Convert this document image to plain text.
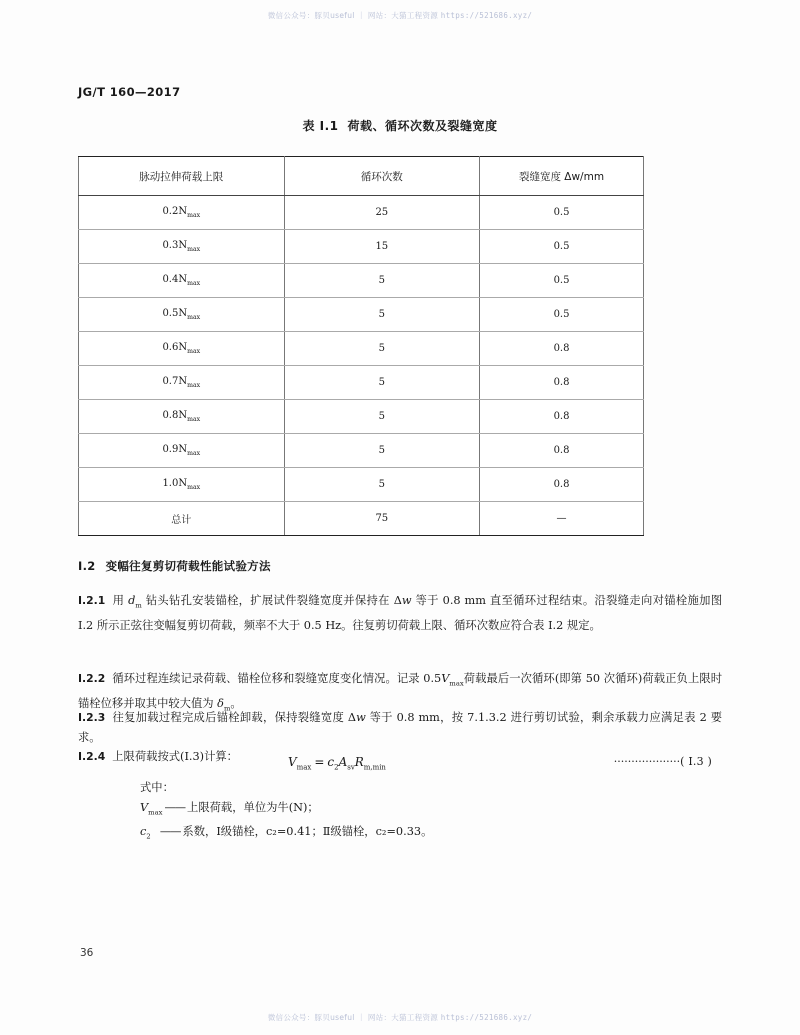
微信公众号：豚贝useful ｜ 网站：大猫工程资源 https://521686.xyz/
JG/T 160—2017
表 I.1 荷载、循环次数及裂缝宽度
脉动拉伸荷载上限	循环次数	裂缝宽度 Δw/mm
$0.2N_{max}$	25	0.5
$0.3N_{max}$	15	0.5
$0.4N_{max}$	5	0.5
$0.5N_{max}$	5	0.5
$0.6N_{max}$	5	0.8
$0.7N_{max}$	5	0.8
$0.8N_{max}$	5	0.8
$0.9N_{max}$	5	0.8
$1.0N_{max}$	5	0.8
总计	75	—
I.2 变幅往复剪切荷载性能试验方法
I.2.1 用 $d_m$ 钻头钻孔安装锚栓，扩展试件裂缝宽度并保持在 Δw 等于 0.8 mm 直至循环过程结束。沿裂缝走向对锚栓施加图 I.2 所示正弦往变幅复剪切荷载，频率不大于 0.5 Hz。往复剪切荷载上限、循环次数应符合表 I.2 规定。
I.2.2 循环过程连续记录荷载、锚栓位移和裂缝宽度变化情况。记录 $0.5V_{max}$荷载最后一次循环(即第 50 次循环)荷载正负上限时锚栓位移并取其中较大值为 $\delta_m$。
I.2.3 往复加载过程完成后锚栓卸载，保持裂缝宽度 Δw 等于 0.8 mm，按 7.1.3.2 进行剪切试验，剩余承载力应满足表 2 要求。
I.2.4 上限荷载按式(I.3)计算：	$V_{max} = c_2A_{sv}R_{m,min}$	···················( I.3 )
式中：
$V_{max}$ —— 上限荷载，单位为牛(N)；
$c_2$ —— 系数，Ⅰ级锚栓，c₂=0.41；Ⅱ级锚栓，c₂=0.33。
36
微信公众号：豚贝useful ｜ 网站：大猫工程资源 https://521686.xyz/
